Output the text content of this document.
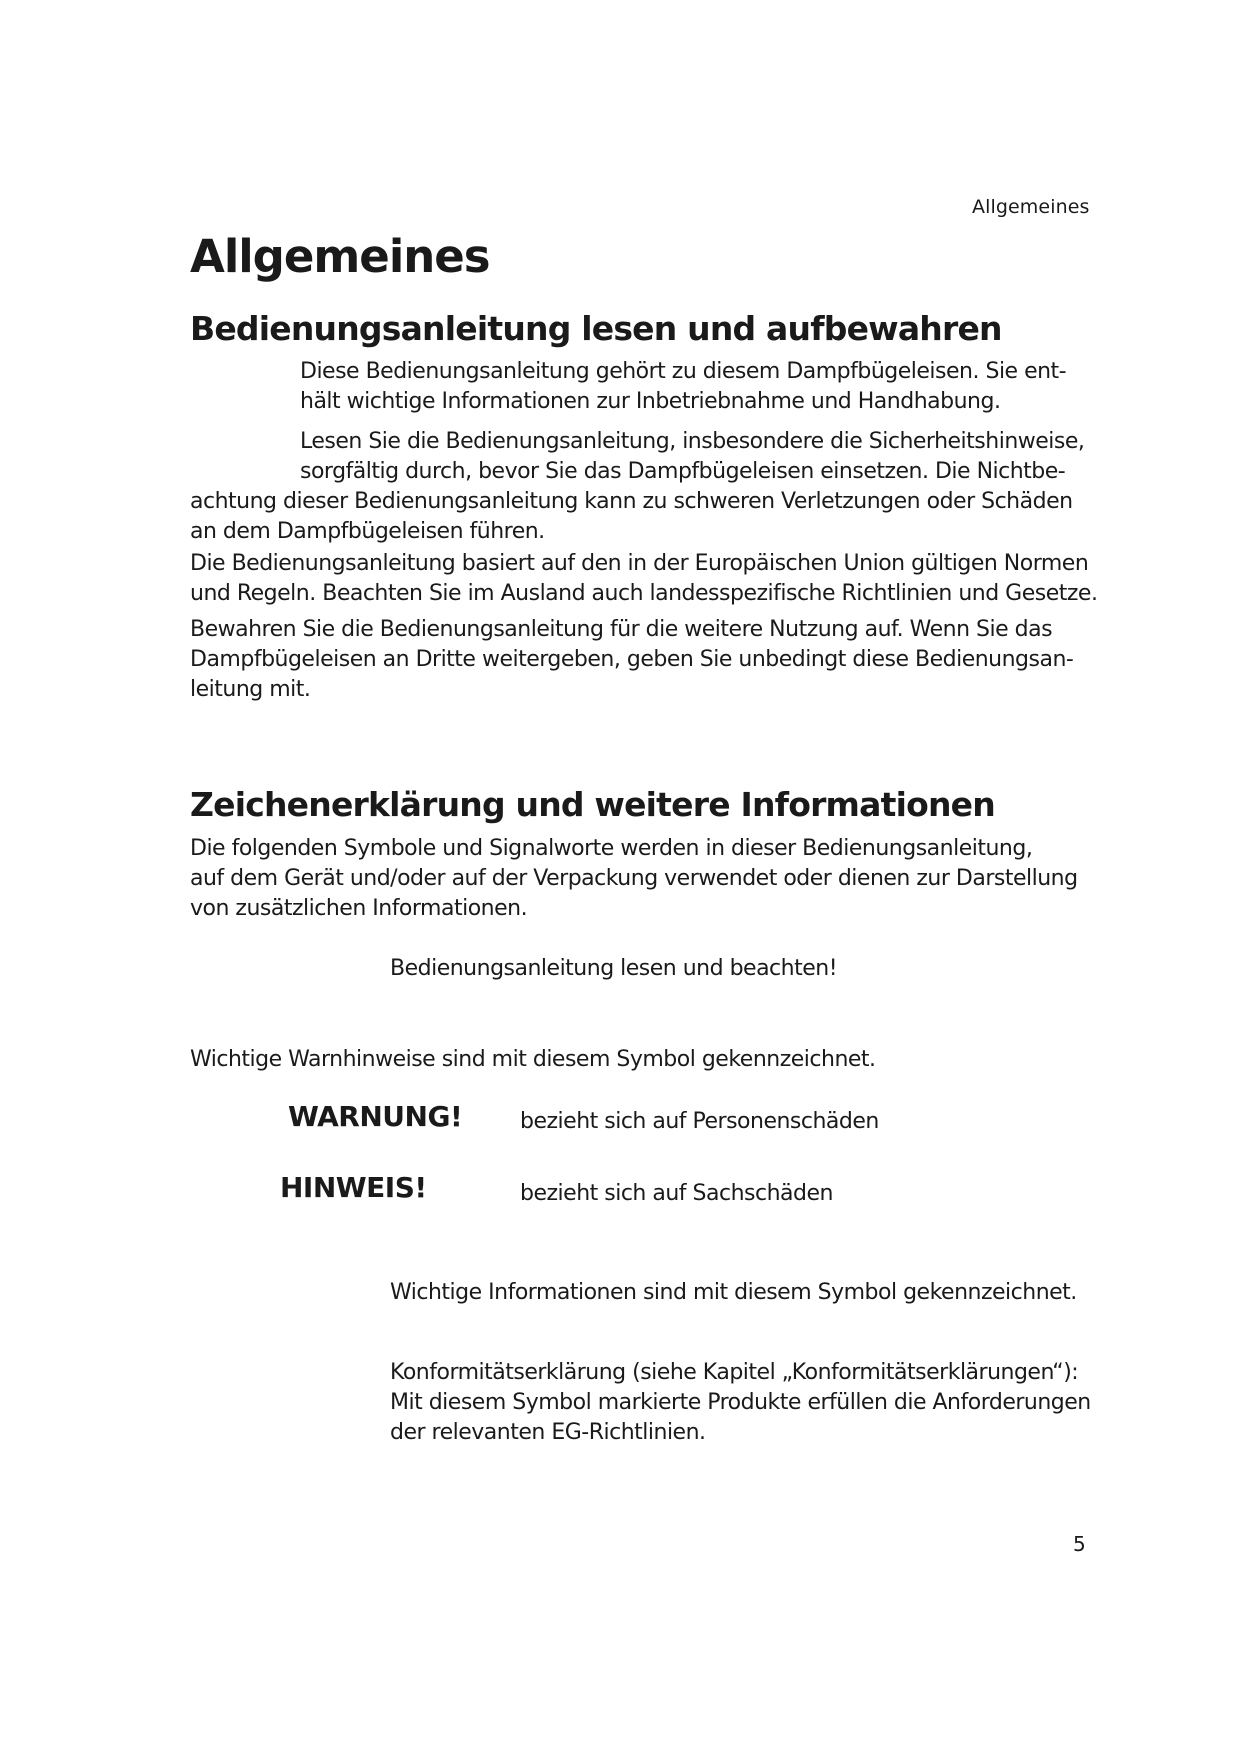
Allgemeines
Allgemeines
Bedienungsanleitung lesen und aufbewahren

Diese Bedienungsanleitung gehört zu diesem Dampfbügeleisen. Sie ent-
hält wichtige Informationen zur Inbetriebnahme und Handhabung.

Lesen Sie die Bedienungsanleitung, insbesondere die Sicherheitshinweise,
sorgfältig durch, bevor Sie das Dampfbügeleisen einsetzen. Die Nichtbe-
achtung dieser Bedienungsanleitung kann zu schweren Verletzungen oder Schäden
an dem Dampfbügeleisen führen.

Die Bedienungsanleitung basiert auf den in der Europäischen Union gültigen Normen
und Regeln. Beachten Sie im Ausland auch landesspezifische Richtlinien und Gesetze.

Bewahren Sie die Bedienungsanleitung für die weitere Nutzung auf. Wenn Sie das
Dampfbügeleisen an Dritte weitergeben, geben Sie unbedingt diese Bedienungsan-
leitung mit.

Zeichenerklärung und weitere Informationen

Die folgenden Symbole und Signalworte werden in dieser Bedienungsanleitung,
auf dem Gerät und/oder auf der Verpackung verwendet oder dienen zur Darstellung
von zusätzlichen Informationen.

Bedienungsanleitung lesen und beachten!
Wichtige Warnhinweise sind mit diesem Symbol gekennzeichnet.
WARNUNG!	bezieht sich auf Personenschäden
HINWEIS!	bezieht sich auf Sachschäden
Wichtige Informationen sind mit diesem Symbol gekennzeichnet.

Konformitätserklärung (siehe Kapitel „Konformitätserklärungen“):
Mit diesem Symbol markierte Produkte erfüllen die Anforderungen
der relevanten EG-Richtlinien.

5
